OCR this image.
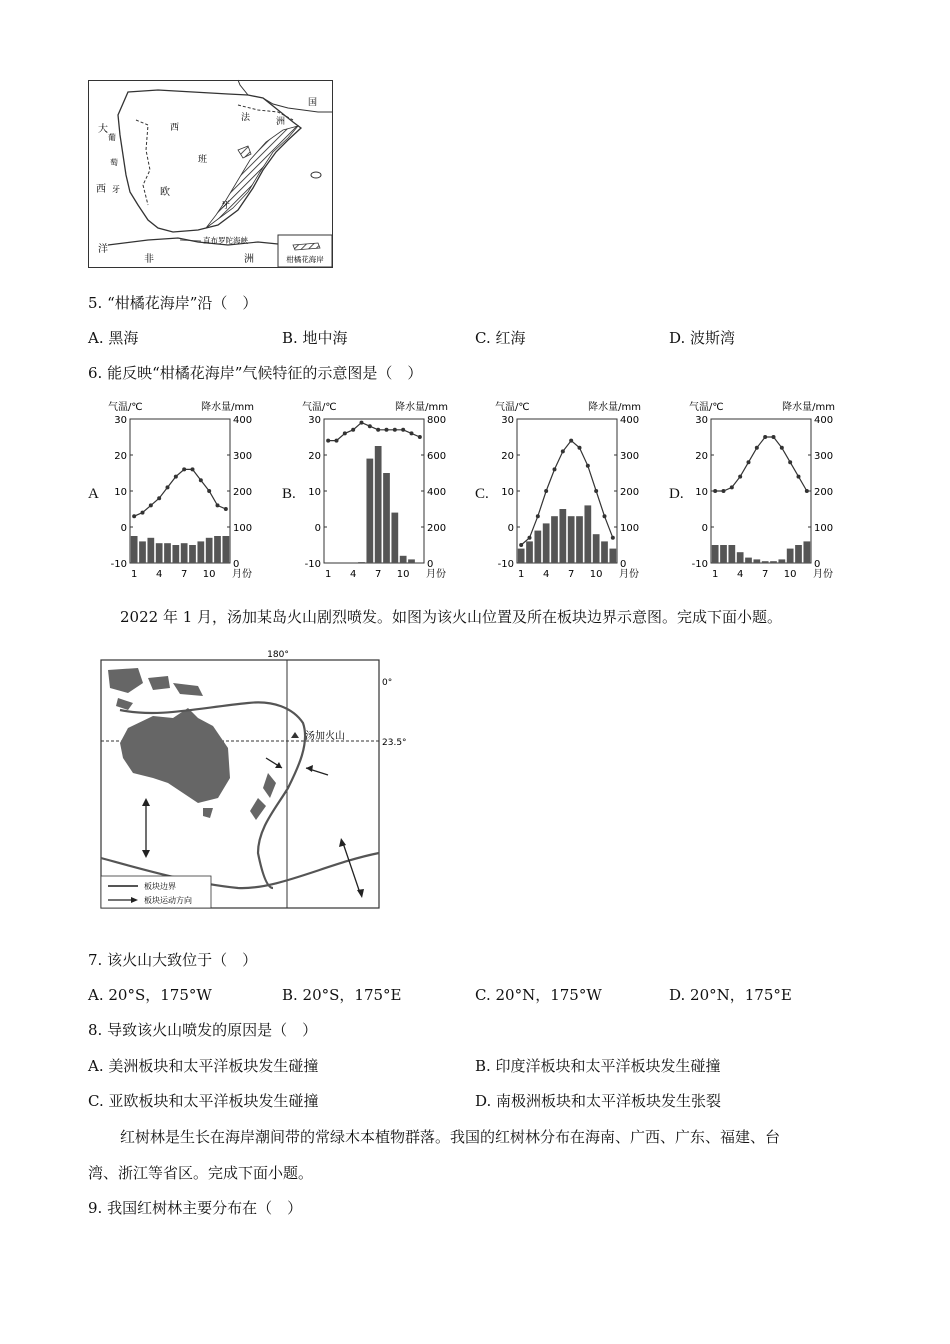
柑橘花海岸
法	洲
国
大
西
洋
葡
萄
牙
西
班
牙
欧
非	洲
直布罗陀海峡
5. “柑橘花海岸”沿（　）
A. 黑海	B. 地中海	C. 红海	D. 波斯湾
6. 能反映“柑橘花海岸”气候特征的示意图是（　）
A	B.	C.	D.
气温/℃	降水量/mm
30
20
10
0
-10
400
300
200
100
0
1 4 7 10 月份
气温/℃	降水量/mm
30
20
10
0
-10
800
600
400
200
0
1 4 7 10 月份
气温/℃	降水量/mm
30
20
10
0
-10
400
300
200
100
0
1 4 7 10 月份
气温/℃	降水量/mm
30
20
10
0
-10
400
300
200
100
0
1 4 7 10 月份
2022 年 1 月，汤加某岛火山剧烈喷发。如图为该火山位置及所在板块边界示意图。完成下面小题。
180°
0°
23.5°
汤加火山
板块边界
板块运动方向
7. 该火山大致位于（　）
A. 20°S，175°W	B. 20°S，175°E	C. 20°N，175°W	D. 20°N，175°E
8. 导致该火山喷发的原因是（　）
A. 美洲板块和太平洋板块发生碰撞	B. 印度洋板块和太平洋板块发生碰撞
C. 亚欧板块和太平洋板块发生碰撞	D. 南极洲板块和太平洋板块发生张裂
红树林是生长在海岸潮间带的常绿木本植物群落。我国的红树林分布在海南、广西、广东、福建、台
湾、浙江等省区。完成下面小题。
9. 我国红树林主要分布在（　）
